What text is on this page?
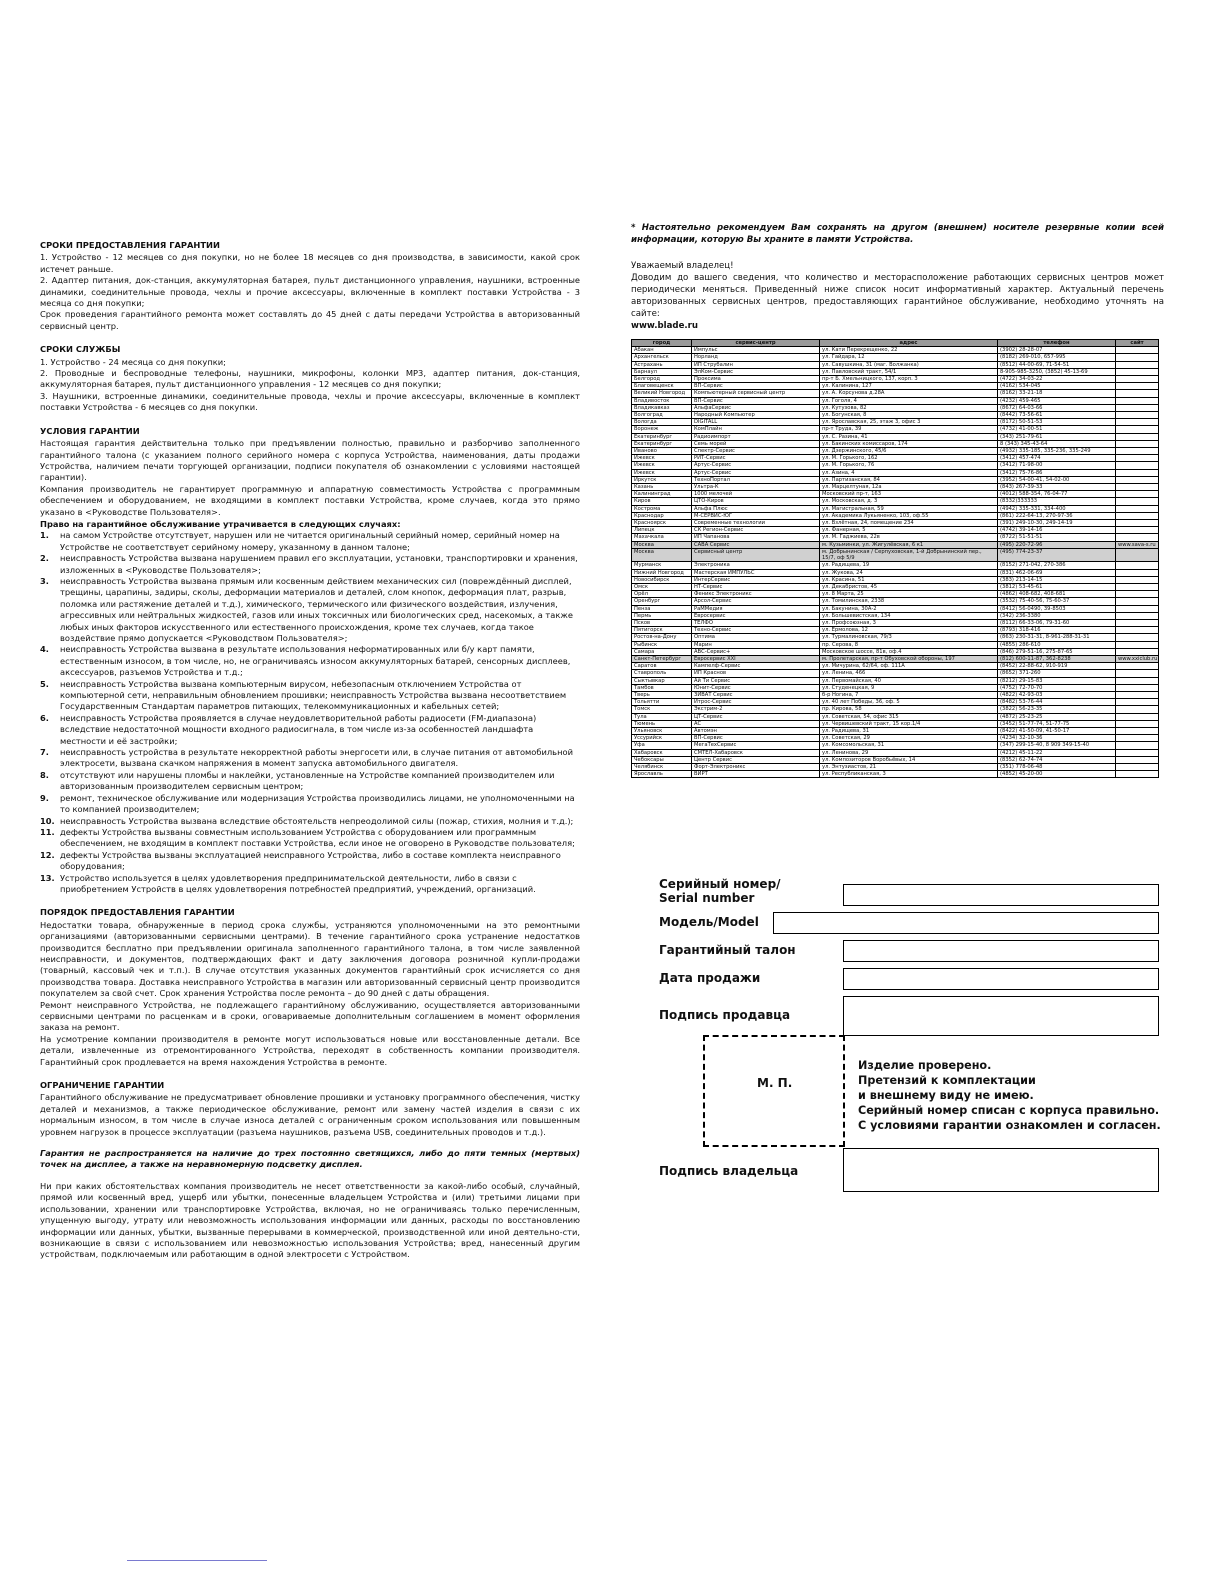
СРОКИ ПРЕДОСТАВЛЕНИЯ ГАРАНТИИ

1. Устройство - 12 месяцев со дня покупки, но не более 18 месяцев со дня производства, в зависимости, какой срок истечет раньше.

2. Адаптер питания, док-станция, аккумуляторная батарея, пульт дистанционного управления, наушники, встроенные динамики, соединительные провода, чехлы и прочие аксессуары, включенные в комплект поставки Устройства - 3 месяца со дня покупки;

Срок проведения гарантийного ремонта может составлять до 45 дней с даты передачи Устройства в авторизованный сервисный центр.

СРОКИ СЛУЖБЫ

1. Устройство - 24 месяца со дня покупки;

2. Проводные и беспроводные телефоны, наушники, микрофоны, колонки MP3, адаптер питания, док-станция, аккумуляторная батарея, пульт дистанционного управления - 12 месяцев со дня покупки;

3. Наушники, встроенные динамики, соединительные провода, чехлы и прочие аксессуары, включенные в комплект поставки Устройства - 6 месяцев со дня покупки.

УСЛОВИЯ ГАРАНТИИ

Настоящая гарантия действительна только при предъявлении полностью, правильно и разборчиво заполненного гарантийного талона (с указанием полного серийного номера с корпуса Устройства, наименования, даты продажи Устройства, наличием печати торгующей организации, подписи покупателя об ознакомлении с условиями настоящей гарантии).

Компания производитель не гарантирует программную и аппаратную совместимость Устройства с программным обеспечением и оборудованием, не входящими в комплект поставки Устройства, кроме случаев, когда это прямо указано в <Руководстве Пользователя>.

Право на гарантийное обслуживание утрачивается в следующих случаях:
1. на самом Устройстве отсутствует, нарушен или не читается оригинальный серийный номер, серийный номер на Устройстве не соответствует серийному номеру, указанному в данном талоне;
2. неисправность Устройства вызвана нарушением правил его эксплуатации, установки, транспортировки и хранения, изложенных в <Руководстве Пользователя>;
3. неисправность Устройства вызвана прямым или косвенным действием механических сил (повреждённый дисплей, трещины, царапины, задиры, сколы, деформации материалов и деталей, слом кнопок, деформация плат, разрыв, поломка или растяжение деталей и т.д.), химического, термического или физического воздействия, излучения, агрессивных или нейтральных жидкостей, газов или иных токсичных или биологических сред, насекомых, а также любых иных факторов искусственного или естественного происхождения, кроме тех случаев, когда такое воздействие прямо допускается <Руководством Пользователя>;
4. неисправность Устройства вызвана в результате использования неформатированных или б/у карт памяти, естественным износом, в том числе, но, не ограничиваясь износом аккумуляторных батарей, сенсорных дисплеев, аксессуаров, разъемов Устройства и т.д.;
5. неисправность Устройства вызвана компьютерным вирусом, небезопасным отключением Устройства от компьютерной сети, неправильным обновлением прошивки; неисправность Устройства вызвана несоответствием Государственным Стандартам параметров питающих, телекоммуникационных и кабельных сетей;
6. неисправность Устройства проявляется в случае неудовлетворительной работы радиосети (FM-диапазона) вследствие недостаточной мощности входного радиосигнала, в том числе из-за особенностей ландшафта местности и её застройки;
7. неисправность устройства в результате некорректной работы энергосети или, в случае питания от автомобильной электросети, вызвана скачком напряжения в момент запуска автомобильного двигателя.
8. отсутствуют или нарушены пломбы и наклейки, установленные на Устройстве компанией производителем или авторизованным производителем сервисным центром;
9. ремонт, техническое обслуживание или модернизация Устройства производились лицами, не уполномоченными на то компанией производителем;
10. неисправность Устройства вызвана вследствие обстоятельств непреодолимой силы (пожар, стихия, молния и т.д.);
11. дефекты Устройства вызваны совместным использованием Устройства с оборудованием или программным обеспечением, не входящим в комплект поставки Устройства, если иное не оговорено в Руководстве пользователя;
12. дефекты Устройства вызваны эксплуатацией неисправного Устройства, либо в составе комплекта неисправного оборудования;
13. Устройство используется в целях удовлетворения предпринимательской деятельности, либо в связи с приобретением Устройств в целях удовлетворения потребностей предприятий, учреждений, организаций.
ПОРЯДОК ПРЕДОСТАВЛЕНИЯ ГАРАНТИИ

Недостатки товара, обнаруженные в период срока службы, устраняются уполномоченными на это ремонтными организациями (авторизованными сервисными центрами). В течение гарантийного срока устранение недостатков производится бесплатно при предъявлении оригинала заполненного гарантийного талона, в том числе заявленной неисправности, и документов, подтверждающих факт и дату заключения договора розничной купли-продажи (товарный, кассовый чек и т.п.). В случае отсутствия указанных документов гарантийный срок исчисляется со дня производства товара. Доставка неисправного Устройства в магазин или авторизованный сервисный центр производится покупателем за свой счет. Срок хранения Устройства после ремонта – до 90 дней с даты обращения.

Ремонт неисправного Устройства, не подлежащего гарантийному обслуживанию, осуществляется авторизованными сервисными центрами по расценкам и в сроки, оговариваемые дополнительным соглашением в момент оформления заказа на ремонт.

На усмотрение компании производителя в ремонте могут использоваться новые или восстановленные детали. Все детали, извлеченные из отремонтированного Устройства, переходят в собственность компании производителя. Гарантийный срок продлевается на время нахождения Устройства в ремонте.

ОГРАНИЧЕНИЕ ГАРАНТИИ

Гарантийного обслуживание не предусматривает обновление прошивки и установку программного обеспечения, чистку деталей и механизмов, а также периодическое обслуживание, ремонт или замену частей изделия в связи с их нормальным износом, в том числе в случае износа деталей с ограниченным сроком использования или повышенным уровнем нагрузок в процессе эксплуатации (разъема наушников, разъема USB, соединительных проводов и т.д.).

Гарантия не распространяется на наличие до трех постоянно светящихся, либо до пяти темных (мертвых) точек на дисплее, а также на неравномерную подсветку дисплея.

Ни при каких обстоятельствах компания производитель не несет ответственности за какой-либо особый, случайный, прямой или косвенный вред, ущерб или убытки, понесенные владельцем Устройства и (или) третьими лицами при использовании, хранении или транспортировке Устройства, включая, но не ограничиваясь только перечисленным, упущенную выгоду, утрату или невозможность использования информации или данных, расходы по восстановлению информации или данных, убытки, вызванные перерывами в коммерческой, производственной или иной деятельно-сти, возникающие в связи с использованием или невозможностью использования Устройства; вред, нанесенный другим устройствам, подключаемым или работающим в одной электросети с Устройством.

* Настоятельно рекомендуем Вам сохранять на другом (внешнем) носителе резервные копии всей информации, которую Вы храните в памяти Устройства.

Уважаемый владелец!

Доводим до вашего сведения, что количество и месторасположение работающих сервисных центров может периодически меняться. Приведенный ниже список носит информативный характер. Актуальный перечень авторизованных сервисных центров, предоставляющих гарантийное обслуживание, необходимо уточнять на сайте:

www.blade.ru

город	сервис-центр	адрес	телефон	сайт
Абакан	Импульс	ул. Кати Перекрещенко, 22	(3902) 28-28-07	
Архангельск	Норланд	ул. Гайдара, 12	(8182) 269-010, 657-995	
Астрахань	ИП Струбалин	ул. Савушкина, 31 (маг. Волжанка)	(8512) 44-00-69, 71-54-51	
Барнаул	ЭлКом-Сервис	ул. Павловский тракт, 54/1	8-905-985-3250, (3852) 45-13-69	
Белгород	Проксима	пр-т Б. Хмельницкого, 137, корп. 3	(4722) 34-03-22	
Благовещенск	ВП-Сервис	ул. Калинина, 127	(4162) 534-045	
Великий Новгород	Компьютерный сервисный центр	ул. А. Корсунова д.28А	(8162) 33-21-18	
Владивосток	ВП-Сервис	ул. Гоголя, 4	(4232) 459-465	
Владикавказ	АльфаСервис	ул. Кутузова, 82	(8672) 64-03-66	
Волгоград	Народный Компьютер	ул. Богунская, 8	(8442) 73-56-61	
Вологда	DIGITALL	ул. Ярославская, 25, этаж 3, офис 3	(8172) 50-51-53	
Воронеж	КомПлайн	пр-т Труда, 39	(4732) 41-00-51	
Екатеринбург	Радиоимпорт	ул. С. Разина, 41	(343) 251-79-61	
Екатеринбург	Семь морей	ул. Бакинских комиссаров, 174	8 (343) 345-43-64	
Иваново	Спектр-Сервис	ул. Дзержинского, 45/6	(4932) 335-185, 335-236, 335-249	
Ижевск	РИТ-Сервис	ул. М. Горького, 162	(3412) 457-474	
Ижевск	Артус-Сервис	ул. М. Горького, 76	(3412) 71-98-00	
Ижевск	Артус-Сервис	ул. Азина, 4	(3412) 75-76-86	
Иркутск	ТехноПортал	ул. Партизанская, 84	(3952) 54-00-41, 54-02-00	
Казань	Ультра-К	ул. Марцелтуная, 12а	(843) 267-39-33	
Калининград	1000 мелочей	Московский пр-т, 163	(4012) 588-354, 76-04-77	
Киров	ЦТО-Киров	ул. Московская, д. 3	(8332)333333	
Кострома	Альфа Плюс	ул. Магистральная, 59	(4942) 335-331, 334-400	
Краснодар	М-СЕРВИС-ЮГ	ул. Академика Лукьяненко, 103, оф.55	(861) 222-64-13, 270-97-36	
Красноярск	Современные технологии	ул. Взлётная, 24, помещение 234	(391) 249-10-30, 249-14-19	
Липецк	СК Регион-Сервис	ул. Фанерная, 5	(4742) 39-14-16	
Махачкала	ИП Чапанова	ул. М. Гаджиева, 22в	(8722) 51-51-51	
Москва	САВА Сервис	м. Кузьминки, ул. Жигулёвская, 6 к1	(495) 220-72-96	www.sava-s.ru
Москва	Сервисный центр	м. Добрынинская / Серпуховская, 1-й Добрынинский пер., 15/7, оф 5/9	(495) 774-23-37	
Мурманск	Электроника	ул. Радищева, 19	(8152) 271-042, 270-386	
Нижний Новгород	Мастерская ИМПУЛЬС	ул. Жукова, 24	(831) 462-06-69	
Новосибирск	ИнтерСервис	ул. Красина, 51	(383) 213-14-15	
Омск	НТ-Сервис	ул. Декабристов, 45	(3812) 53-45-61	
Орёл	Феникс Электроникс	ул. 8 Марта, 25	(4862) 408-682, 408-681	
Оренбург	Арсол-Сервис	ул. Томилинская, 2338	(3532) 75-40-56, 75-60-37	
Пенза	РаММедия	ул. Бакунина, 30А-2	(8412) 56-0490, 39-8503	
Пермь	Евросервис	ул. Большевистская, 134	(342) 236-3380	
Псков	ТЕЛФО	ул. Профсоюзная, 3	(8112) 66-33-06, 79-31-60	
Пятигорск	Техно-Сервис	ул. Ермолова, 12	(8793) 318-416	
Ростов-на-Дону	Оптима	ул. Турмалиновская, 79/3	(863) 230-31-31, 8-961-288-31-31	
Рыбинск	Марин	пр. Серова, 8	(4855) 286-610	
Самара	АВС-Сервис+	Московское шоссе, 81в, оф.4	(846) 279-51-16, 275-87-65	
Санкт-Петербург	Евросервис XXI	м. Пролетарская, пр-т Обуховской обороны, 197	(812) 600-11-87, 362-8238	www.xxiclub.ru
Саратов	Кампелф-Сервис	ул. Мичурина, 62/64, оф. 111А	(8452) 22-88-62, 910-919	
Ставрополь	ИП Краснов	ул. Ленина, 466	(8652) 371-260	
Сыктывкар	Ай Ти Сервис	ул. Первомайская, 40	(8212) 29-15-83	
Тамбов	Юнит-Сервис	ул. Студенецкая, 9	(4752) 72-70-70	
Тверь	ЗИВАТ Сервис	б-р Ногина, 7	(4822) 42-93-03	
Тольятти	Итрос-Сервис	ул. 40 лет Победы, 36, оф. 5	(8482) 53-76-44	
Томск	Экстрим-2	пр. Кирова, 58	(3822) 56-23-35	
Тула	ЦТ-Сервис	ул. Советская, 54, офис 315	(4872) 25-23-25	
Тюмень	АС	ул. Червишевский тракт, 15 кор.1/4	(3452) 51-77-74, 51-77-75	
Ульяновск	Автомэн	ул. Радищева, 31	(8422) 41-50-09, 41-50-17	
Уссурийск	ВП-Сервис	ул. Советская, 29	(4234) 32-10-36	
Уфа	МегаТехСервис	ул. Комсомольская, 31	(347) 299-15-40, 8 909 349-15-40	
Хабаровск	СМТЕЛ-Хабаровск	ул. Ленинова, 29	(4212) 45-11-22	
Чебоксары	Центр Сервис	ул. Композиторов Воробьёвых, 14	(8352) 62-74-74	
Челябинск	Форт-Электроникс	ул. Энтузиастов, 21	(351) 778-06-48	
Ярославль	ВИРТ	ул. Республиканская, 3	(4852) 45-20-00	
Серийный номер/
Serial number
Модель/Model
Гарантийный талон
Дата продажи
Подпись продавца
М. П.
Изделие проверено.
Претензий к комплектации
и внешнему виду не имею.
Серийный номер списан с корпуса правильно.
С условиями гарантии ознакомлен и согласен.
Подпись владельца
